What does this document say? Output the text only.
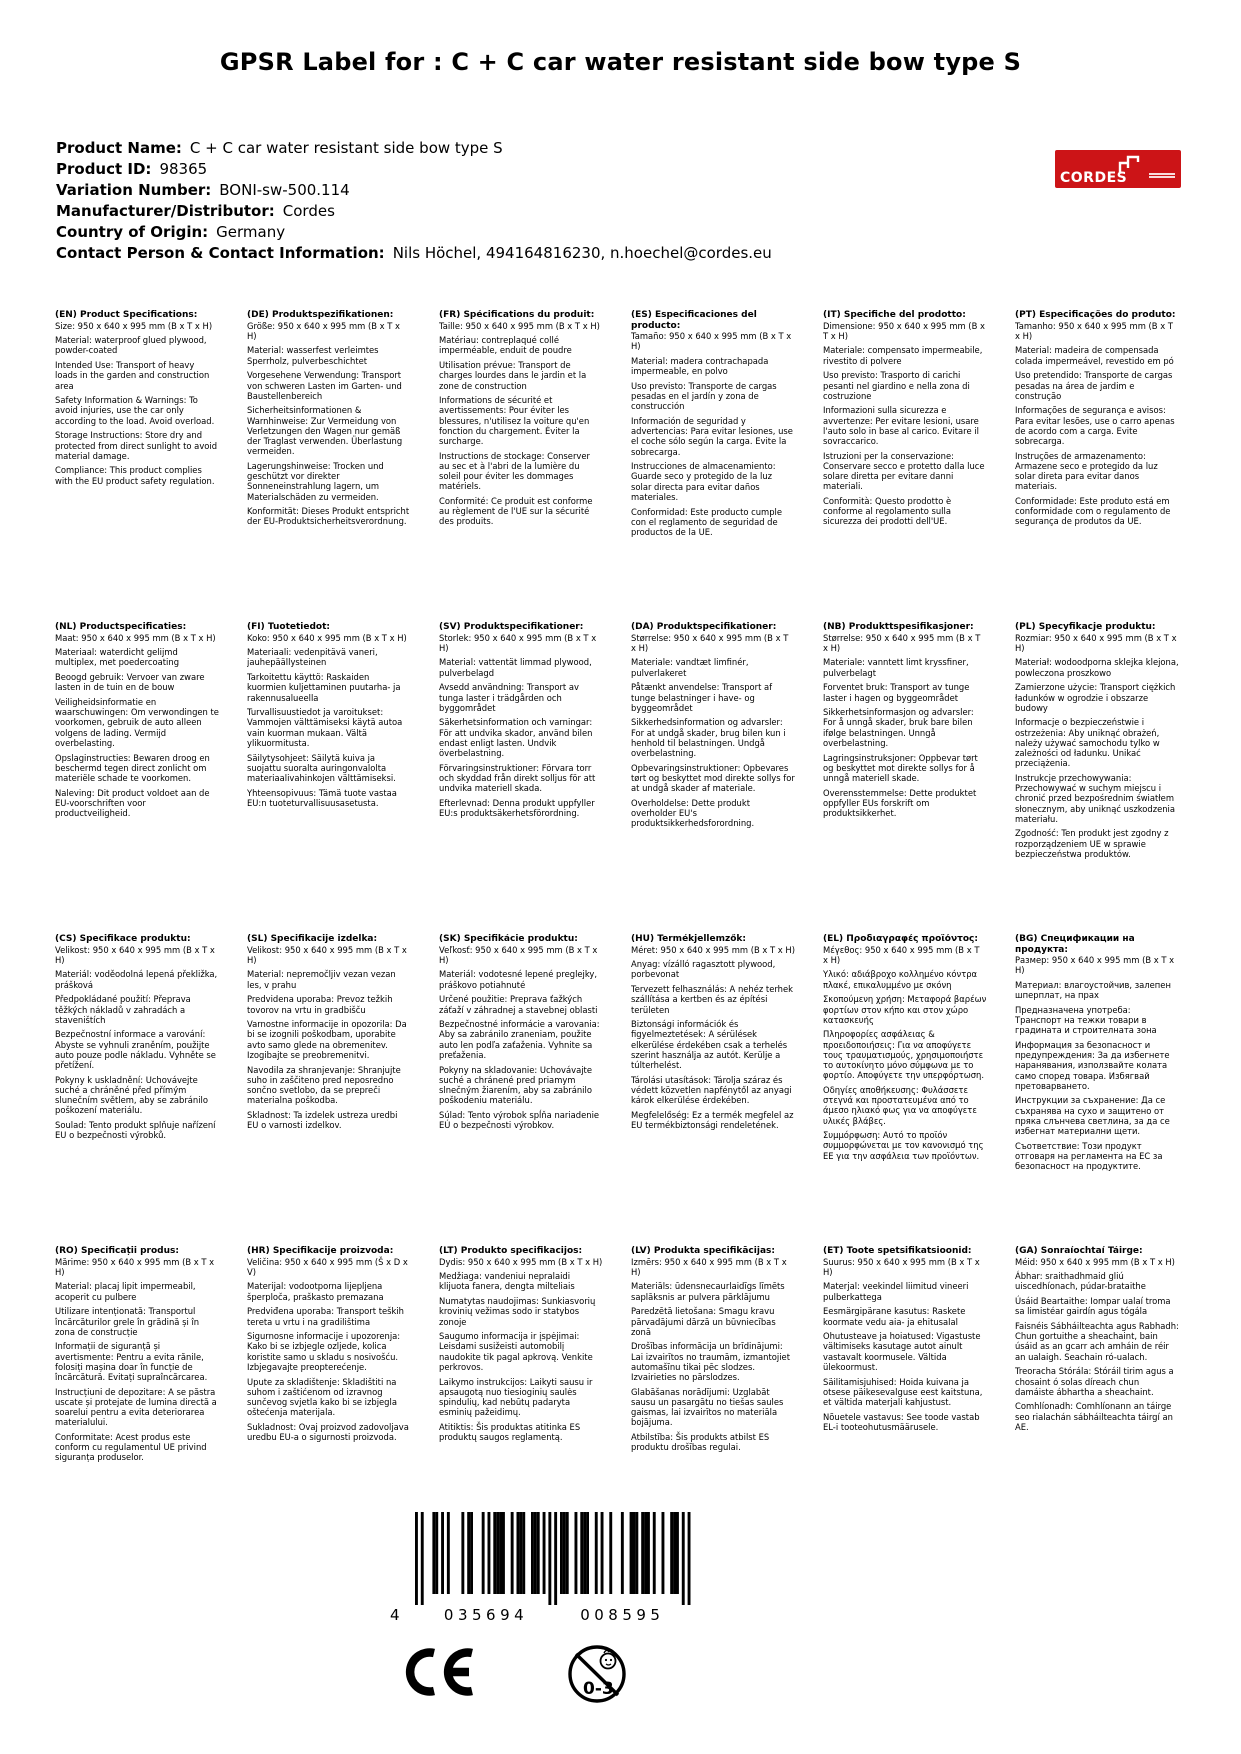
GPSR Label for : C + C car water resistant side bow type S
Product Name: C + C car water resistant side bow type S
Product ID: 98365
Variation Number: BONI-sw-500.114
Manufacturer/Distributor: Cordes
Country of Origin: Germany
Contact Person & Contact Information: Nils Höchel, 494164816230, n.hoechel@cordes.eu
CORDES
(EN) Product Specifications:

Size: 950 x 640 x 995 mm (B x T x H)

Material: waterproof glued plywood, powder-coated

Intended Use: Transport of heavy loads in the garden and construction area

Safety Information & Warnings: To avoid injuries, use the car only according to the load. Avoid overload.

Storage Instructions: Store dry and protected from direct sunlight to avoid material damage.

Compliance: This product complies with the EU product safety regulation.

(DE) Produktspezifikationen:

Größe: 950 x 640 x 995 mm (B x T x H)

Material: wasserfest verleimtes Sperrholz, pulverbeschichtet

Vorgesehene Verwendung: Transport von schweren Lasten im Garten- und Baustellenbereich

Sicherheitsinformationen & Warnhinweise: Zur Vermeidung von Verletzungen den Wagen nur gemäß der Traglast verwenden. Überlastung vermeiden.

Lagerungshinweise: Trocken und geschützt vor direkter Sonneneinstrahlung lagern, um Materialschäden zu vermeiden.

Konformität: Dieses Produkt entspricht der EU-Produktsicherheitsverordnung.

(FR) Spécifications du produit:

Taille: 950 x 640 x 995 mm (B x T x H)

Matériau: contreplaqué collé imperméable, enduit de poudre

Utilisation prévue: Transport de charges lourdes dans le jardin et la zone de construction

Informations de sécurité et avertissements: Pour éviter les blessures, n'utilisez la voiture qu'en fonction du chargement. Éviter la surcharge.

Instructions de stockage: Conserver au sec et à l'abri de la lumière du soleil pour éviter les dommages matériels.

Conformité: Ce produit est conforme au règlement de l'UE sur la sécurité des produits.

(ES) Especificaciones del producto:

Tamaño: 950 x 640 x 995 mm (B x T x H)

Material: madera contrachapada impermeable, en polvo

Uso previsto: Transporte de cargas pesadas en el jardín y zona de construcción

Información de seguridad y advertencias: Para evitar lesiones, use el coche sólo según la carga. Evite la sobrecarga.

Instrucciones de almacenamiento: Guarde seco y protegido de la luz solar directa para evitar daños materiales.

Conformidad: Este producto cumple con el reglamento de seguridad de productos de la UE.

(IT) Specifiche del prodotto:

Dimensione: 950 x 640 x 995 mm (B x T x H)

Materiale: compensato impermeabile, rivestito di polvere

Uso previsto: Trasporto di carichi pesanti nel giardino e nella zona di costruzione

Informazioni sulla sicurezza e avvertenze: Per evitare lesioni, usare l'auto solo in base al carico. Evitare il sovraccarico.

Istruzioni per la conservazione: Conservare secco e protetto dalla luce solare diretta per evitare danni materiali.

Conformità: Questo prodotto è conforme al regolamento sulla sicurezza dei prodotti dell'UE.

(PT) Especificações do produto:

Tamanho: 950 x 640 x 995 mm (B x T x H)

Material: madeira de compensada colada impermeável, revestido em pó

Uso pretendido: Transporte de cargas pesadas na área de jardim e construção

Informações de segurança e avisos: Para evitar lesões, use o carro apenas de acordo com a carga. Evite sobrecarga.

Instruções de armazenamento: Armazene seco e protegido da luz solar direta para evitar danos materiais.

Conformidade: Este produto está em conformidade com o regulamento de segurança de produtos da UE.

(NL) Productspecificaties:

Maat: 950 x 640 x 995 mm (B x T x H)

Materiaal: waterdicht gelijmd multiplex, met poedercoating

Beoogd gebruik: Vervoer van zware lasten in de tuin en de bouw

Veiligheidsinformatie en waarschuwingen: Om verwondingen te voorkomen, gebruik de auto alleen volgens de lading. Vermijd overbelasting.

Opslaginstructies: Bewaren droog en beschermd tegen direct zonlicht om materiële schade te voorkomen.

Naleving: Dit product voldoet aan de EU-voorschriften voor productveiligheid.

(FI) Tuotetiedot:

Koko: 950 x 640 x 995 mm (B x T x H)

Materiaali: vedenpitävä vaneri, jauhepäällysteinen

Tarkoitettu käyttö: Raskaiden kuormien kuljettaminen puutarha- ja rakennusalueella

Turvallisuustiedot ja varoitukset: Vammojen välttämiseksi käytä autoa vain kuorman mukaan. Vältä ylikuormitusta.

Säilytysohjeet: Säilytä kuiva ja suojattu suoralta auringonvalolta materiaalivahinkojen välttämiseksi.

Yhteensopivuus: Tämä tuote vastaa EU:n tuoteturvallisuusasetusta.

(SV) Produktspecifikationer:

Storlek: 950 x 640 x 995 mm (B x T x H)

Material: vattentät limmad plywood, pulverbelagd

Avsedd användning: Transport av tunga laster i trädgården och byggområdet

Säkerhetsinformation och varningar: För att undvika skador, använd bilen endast enligt lasten. Undvik överbelastning.

Förvaringsinstruktioner: Förvara torr och skyddad från direkt solljus för att undvika materiell skada.

Efterlevnad: Denna produkt uppfyller EU:s produktsäkerhetsförordning.

(DA) Produktspecifikationer:

Størrelse: 950 x 640 x 995 mm (B x T x H)

Materiale: vandtæt limfinér, pulverlakeret

Påtænkt anvendelse: Transport af tunge belastninger i have- og byggeområdet

Sikkerhedsinformation og advarsler: For at undgå skader, brug bilen kun i henhold til belastningen. Undgå overbelastning.

Opbevaringsinstruktioner: Opbevares tørt og beskyttet mod direkte sollys for at undgå skader af materiale.

Overholdelse: Dette produkt overholder EU's produktsikkerhedsforordning.

(NB) Produkttspesifikasjoner:

Størrelse: 950 x 640 x 995 mm (B x T x H)

Materiale: vanntett limt kryssfiner, pulverbelagt

Forventet bruk: Transport av tunge laster i hagen og byggeområdet

Sikkerhetsinformasjon og advarsler: For å unngå skader, bruk bare bilen ifølge belastningen. Unngå overbelastning.

Lagringsinstruksjoner: Oppbevar tørt og beskyttet mot direkte sollys for å unngå materiell skade.

Overensstemmelse: Dette produktet oppfyller EUs forskrift om produktsikkerhet.

(PL) Specyfikacje produktu:

Rozmiar: 950 x 640 x 995 mm (B x T x H)

Materiał: wodoodporna sklejka klejona, powleczona proszkowo

Zamierzone użycie: Transport ciężkich ładunków w ogrodzie i obszarze budowy

Informacje o bezpieczeństwie i ostrzeżenia: Aby uniknąć obrażeń, należy używać samochodu tylko w zależności od ładunku. Unikać przeciążenia.

Instrukcje przechowywania: Przechowywać w suchym miejscu i chronić przed bezpośrednim światłem słonecznym, aby uniknąć uszkodzenia materiału.

Zgodność: Ten produkt jest zgodny z rozporządzeniem UE w sprawie bezpieczeństwa produktów.

(CS) Specifikace produktu:

Velikost: 950 x 640 x 995 mm (B x T x H)

Materiál: voděodolná lepená překližka, prášková

Předpokládané použití: Přeprava těžkých nákladů v zahradách a staveništích

Bezpečnostní informace a varování: Abyste se vyhnuli zraněním, použijte auto pouze podle nákladu. Vyhněte se přetížení.

Pokyny k uskladnění: Uchovávejte suché a chráněné před přímým slunečním světlem, aby se zabránilo poškození materiálu.

Soulad: Tento produkt splňuje nařízení EU o bezpečnosti výrobků.

(SL) Specifikacije izdelka:

Velikost: 950 x 640 x 995 mm (B x T x H)

Material: nepremočljiv vezan vezan les, v prahu

Predvidena uporaba: Prevoz težkih tovorov na vrtu in gradbišču

Varnostne informacije in opozorila: Da bi se izognili poškodbam, uporabite avto samo glede na obremenitev. Izogibajte se preobremenitvi.

Navodila za shranjevanje: Shranjujte suho in zaščiteno pred neposredno sončno svetlobo, da se prepreči materialna poškodba.

Skladnost: Ta izdelek ustreza uredbi EU o varnosti izdelkov.

(SK) Špecifikácie produktu:

Veľkosť: 950 x 640 x 995 mm (B x T x H)

Materiál: vodotesné lepené preglejky, práškovo potiahnuté

Určené použitie: Preprava ťažkých záťaží v záhradnej a stavebnej oblasti

Bezpečnostné informácie a varovania: Aby sa zabránilo zraneniam, použite auto len podľa zaťaženia. Vyhnite sa preťaženia.

Pokyny na skladovanie: Uchovávajte suché a chránené pred priamym slnečným žiarením, aby sa zabránilo poškodeniu materiálu.

Súlad: Tento výrobok spĺňa nariadenie EÚ o bezpečnosti výrobkov.

(HU) Termékjellemzők:

Méret: 950 x 640 x 995 mm (B x T x H)

Anyag: vízálló ragasztott plywood, porbevonat

Tervezett felhasználás: A nehéz terhek szállítása a kertben és az építési területen

Biztonsági információk és figyelmeztetések: A sérülések elkerülése érdekében csak a terhelés szerint használja az autót. Kerülje a túlterhelést.

Tárolási utasítások: Tárolja száraz és védett közvetlen napfénytől az anyagi károk elkerülése érdekében.

Megfelelőség: Ez a termék megfelel az EU termékbiztonsági rendeletének.

(EL) Προδιαγραφές προϊόντος:

Μέγεθος: 950 x 640 x 995 mm (B x T x H)

Υλικό: αδιάβροχο κολλημένο κόντρα πλακέ, επικαλυμμένο με σκόνη

Σκοπούμενη χρήση: Μεταφορά βαρέων φορτίων στον κήπο και στον χώρο κατασκευής

Πληροφορίες ασφάλειας & προειδοποιήσεις: Για να αποφύγετε τους τραυματισμούς, χρησιμοποιήστε το αυτοκίνητο μόνο σύμφωνα με το φορτίο. Αποφύγετε την υπερφόρτωση.

Οδηγίες αποθήκευσης: Φυλάσσετε στεγνά και προστατευμένα από το άμεσο ηλιακό φως για να αποφύγετε υλικές βλάβες.

Συμμόρφωση: Αυτό το προϊόν συμμορφώνεται με τον κανονισμό της ΕΕ για την ασφάλεια των προϊόντων.

(BG) Спецификации на продукта:

Размер: 950 x 640 x 995 mm (B x T x H)

Материал: влагоустойчив, залепен шперплат, на прах

Предназначена употреба: Транспорт на тежки товари в градината и строителната зона

Информация за безопасност и предупреждения: За да избегнете наранявания, използвайте колата само според товара. Избягвай претоварването.

Инструкции за съхранение: Да се съхранява на сухо и защитено от пряка слънчева светлина, за да се избегнат материални щети.

Съответствие: Този продукт отговаря на регламента на ЕС за безопасност на продуктите.

(RO) Specificații produs:

Mărime: 950 x 640 x 995 mm (B x T x H)

Material: placaj lipit impermeabil, acoperit cu pulbere

Utilizare intenționată: Transportul încărcăturilor grele în grădină și în zona de construcție

Informații de siguranță și avertismente: Pentru a evita rănile, folosiți mașina doar în funcție de încărcătură. Evitați supraîncărcarea.

Instrucțiuni de depozitare: A se păstra uscate și protejate de lumina directă a soarelui pentru a evita deteriorarea materialului.

Conformitate: Acest produs este conform cu regulamentul UE privind siguranța produselor.

(HR) Specifikacije proizvoda:

Veličina: 950 x 640 x 995 mm (Š x D x V)

Materijal: vodootporna lijepljena šperploča, praškasto premazana

Predviđena uporaba: Transport teških tereta u vrtu i na gradilištima

Sigurnosne informacije i upozorenja: Kako bi se izbjegle ozljede, kolica koristite samo u skladu s nosivošću. Izbjegavajte preopterećenje.

Upute za skladištenje: Skladištiti na suhom i zaštićenom od izravnog sunčevog svjetla kako bi se izbjegla oštećenja materijala.

Sukladnost: Ovaj proizvod zadovoljava uredbu EU-a o sigurnosti proizvoda.

(LT) Produkto specifikacijos:

Dydis: 950 x 640 x 995 mm (B x T x H)

Medžiaga: vandeniui nepralaidi klijuota fanera, dengta milteliais

Numatytas naudojimas: Sunkiasvorių krovinių vežimas sodo ir statybos zonoje

Saugumo informacija ir įspėjimai: Leisdami susižeisti automobilį naudokite tik pagal apkrovą. Venkite perkrovos.

Laikymo instrukcijos: Laikyti sausu ir apsaugotą nuo tiesioginių saulės spindulių, kad nebūtų padaryta esminių pažeidimų.

Atitiktis: Šis produktas atitinka ES produktų saugos reglamentą.

(LV) Produkta specifikācijas:

Izmērs: 950 x 640 x 995 mm (B x T x H)

Materiāls: ūdensnecaurlaidīgs līmēts saplāksnis ar pulvera pārklājumu

Paredzētā lietošana: Smagu kravu pārvadājumi dārzā un būvniecības zonā

Drošības informācija un brīdinājumi: Lai izvairītos no traumām, izmantojiet automašīnu tikai pēc slodzes. Izvairieties no pārslodzes.

Glabāšanas norādījumi: Uzglabāt sausu un pasargātu no tiešas saules gaismas, lai izvairītos no materiāla bojājuma.

Atbilstība: Šis produkts atbilst ES produktu drošības regulai.

(ET) Toote spetsifikatsioonid:

Suurus: 950 x 640 x 995 mm (B x T x H)

Materjal: veekindel liimitud vineeri pulberkattega

Eesmärgipärane kasutus: Raskete koormate vedu aia- ja ehitusalal

Ohutusteave ja hoiatused: Vigastuste vältimiseks kasutage autot ainult vastavalt koormusele. Vältida ülekoormust.

Säilitamisjuhised: Hoida kuivana ja otsese päikesevalguse eest kaitstuna, et vältida materjali kahjustust.

Nõuetele vastavus: See toode vastab EL-i tooteohutusmäärusele.

(GA) Sonraíochtaí Táirge:

Méid: 950 x 640 x 995 mm (B x T x H)

Ábhar: sraithadhmaid gliú uiscedhíonach, púdar-brataithe

Úsáid Beartaithe: Iompar ualaí troma sa limistéar gairdín agus tógála

Faisnéis Sábháilteachta agus Rabhadh: Chun gortuithe a sheachaint, bain úsáid as an gcarr ach amháin de réir an ualaigh. Seachain ró-ualach.

Treoracha Stórála: Stóráil tirim agus a chosaint ó solas díreach chun damáiste ábhartha a sheachaint.

Comhlíonadh: Comhlíonann an táirge seo rialachán sábháilteachta táirgí an AE.

4	035694	008595
0-3
